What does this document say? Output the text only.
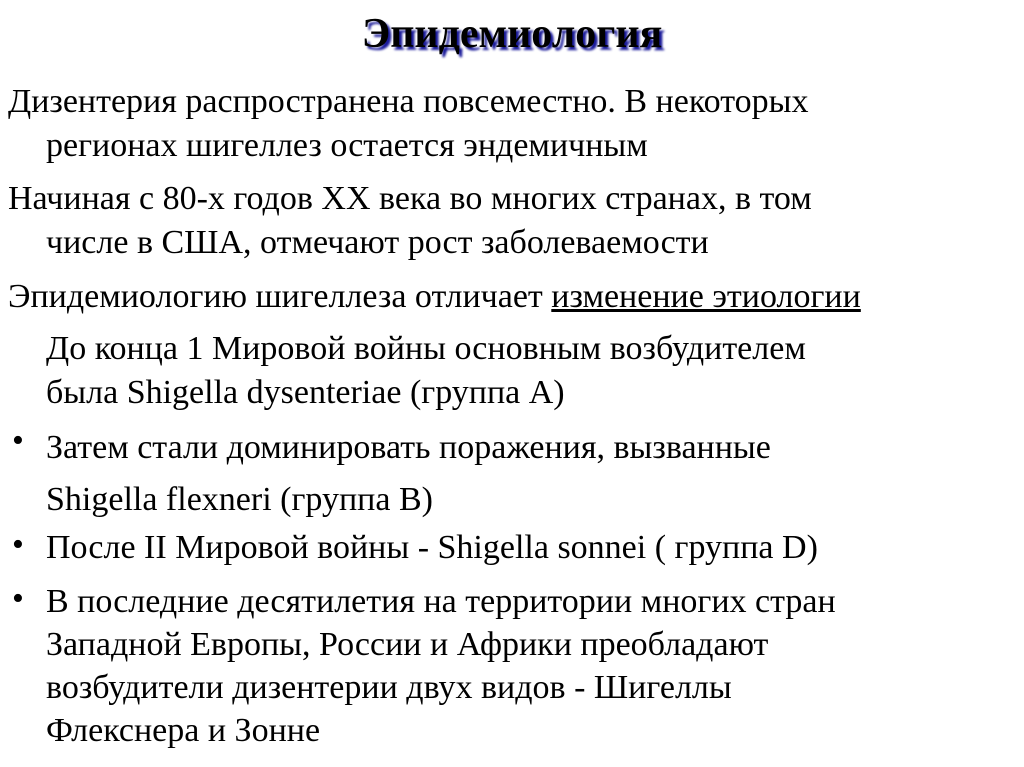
Эпидемиология
Дизентерия распространена повсеместно. В некоторых
регионах шигеллез остается эндемичным
Начиная с 80-х годов XX века во многих странах, в том
числе в США, отмечают рост заболеваемости
Эпидемиологию шигеллеза отличает изменение этиологии
До конца 1 Мировой войны основным возбудителем
была Shigella dysenteriae (группа А)
• Затем стали доминировать поражения, вызванные
Shigella flexneri (группа В)
• После II Мировой войны - Shigella sonnei ( группа D)
• В последние десятилетия на территории многих стран
Западной Европы, России и Африки преобладают
возбудители дизентерии двух видов - Шигеллы
Флекснера и Зонне
